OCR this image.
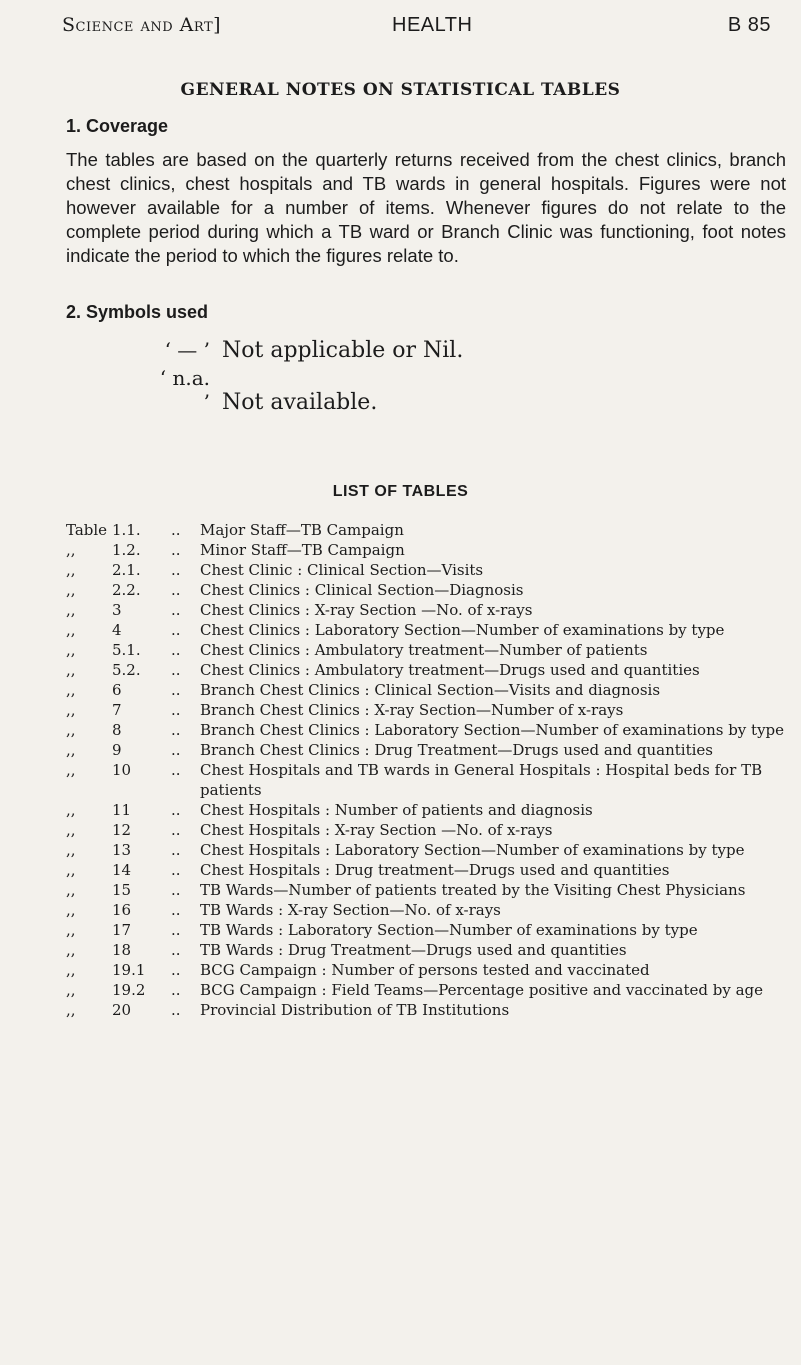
Science and Art]	HEALTH	B 85
GENERAL NOTES ON STATISTICAL TABLES
1. Coverage
The tables are based on the quarterly returns received from the chest clinics, branch chest clinics, chest hospitals and TB wards in general hospitals. Figures were not however available for a number of items. Whenever figures do not relate to the complete period during which a TB ward or Branch Clinic was functioning, foot notes indicate the period to which the figures relate to.
2. Symbols used
‘ — ’ Not applicable or Nil.
‘ n.a. ’ Not available.
LIST OF TABLES
Table 1.1.	..	Major Staff—TB Campaign
,,	1.2.	..	Minor Staff—TB Campaign
,,	2.1.	..	Chest Clinic : Clinical Section—Visits
,,	2.2.	..	Chest Clinics : Clinical Section—Diagnosis
,,	3	..	Chest Clinics : X-ray Section —No. of x-rays
,,	4	..	Chest Clinics : Laboratory Section—Number of examinations by type
,,	5.1.	..	Chest Clinics : Ambulatory treatment—Number of patients
,,	5.2.	..	Chest Clinics : Ambulatory treatment—Drugs used and quantities
,,	6	..	Branch Chest Clinics : Clinical Section—Visits and diagnosis
,,	7	..	Branch Chest Clinics : X-ray Section—Number of x-rays
,,	8	..	Branch Chest Clinics : Laboratory Section—Number of examinations by type
,,	9	..	Branch Chest Clinics : Drug Treatment—Drugs used and quantities
,,	10	..	Chest Hospitals and TB wards in General Hospitals : Hospital beds for TB patients
,,	11	..	Chest Hospitals : Number of patients and diagnosis
,,	12	..	Chest Hospitals : X-ray Section —No. of x-rays
,,	13	..	Chest Hospitals : Laboratory Section—Number of examinations by type
,,	14	..	Chest Hospitals : Drug treatment—Drugs used and quantities
,,	15	..	TB Wards—Number of patients treated by the Visiting Chest Physicians
,,	16	..	TB Wards : X-ray Section—No. of x-rays
,,	17	..	TB Wards : Laboratory Section—Number of examinations by type
,,	18	..	TB Wards : Drug Treatment—Drugs used and quantities
,,	19.1	..	BCG Campaign : Number of persons tested and vaccinated
,,	19.2	..	BCG Campaign : Field Teams—Percentage positive and vaccinated by age
,,	20	..	Provincial Distribution of TB Institutions
